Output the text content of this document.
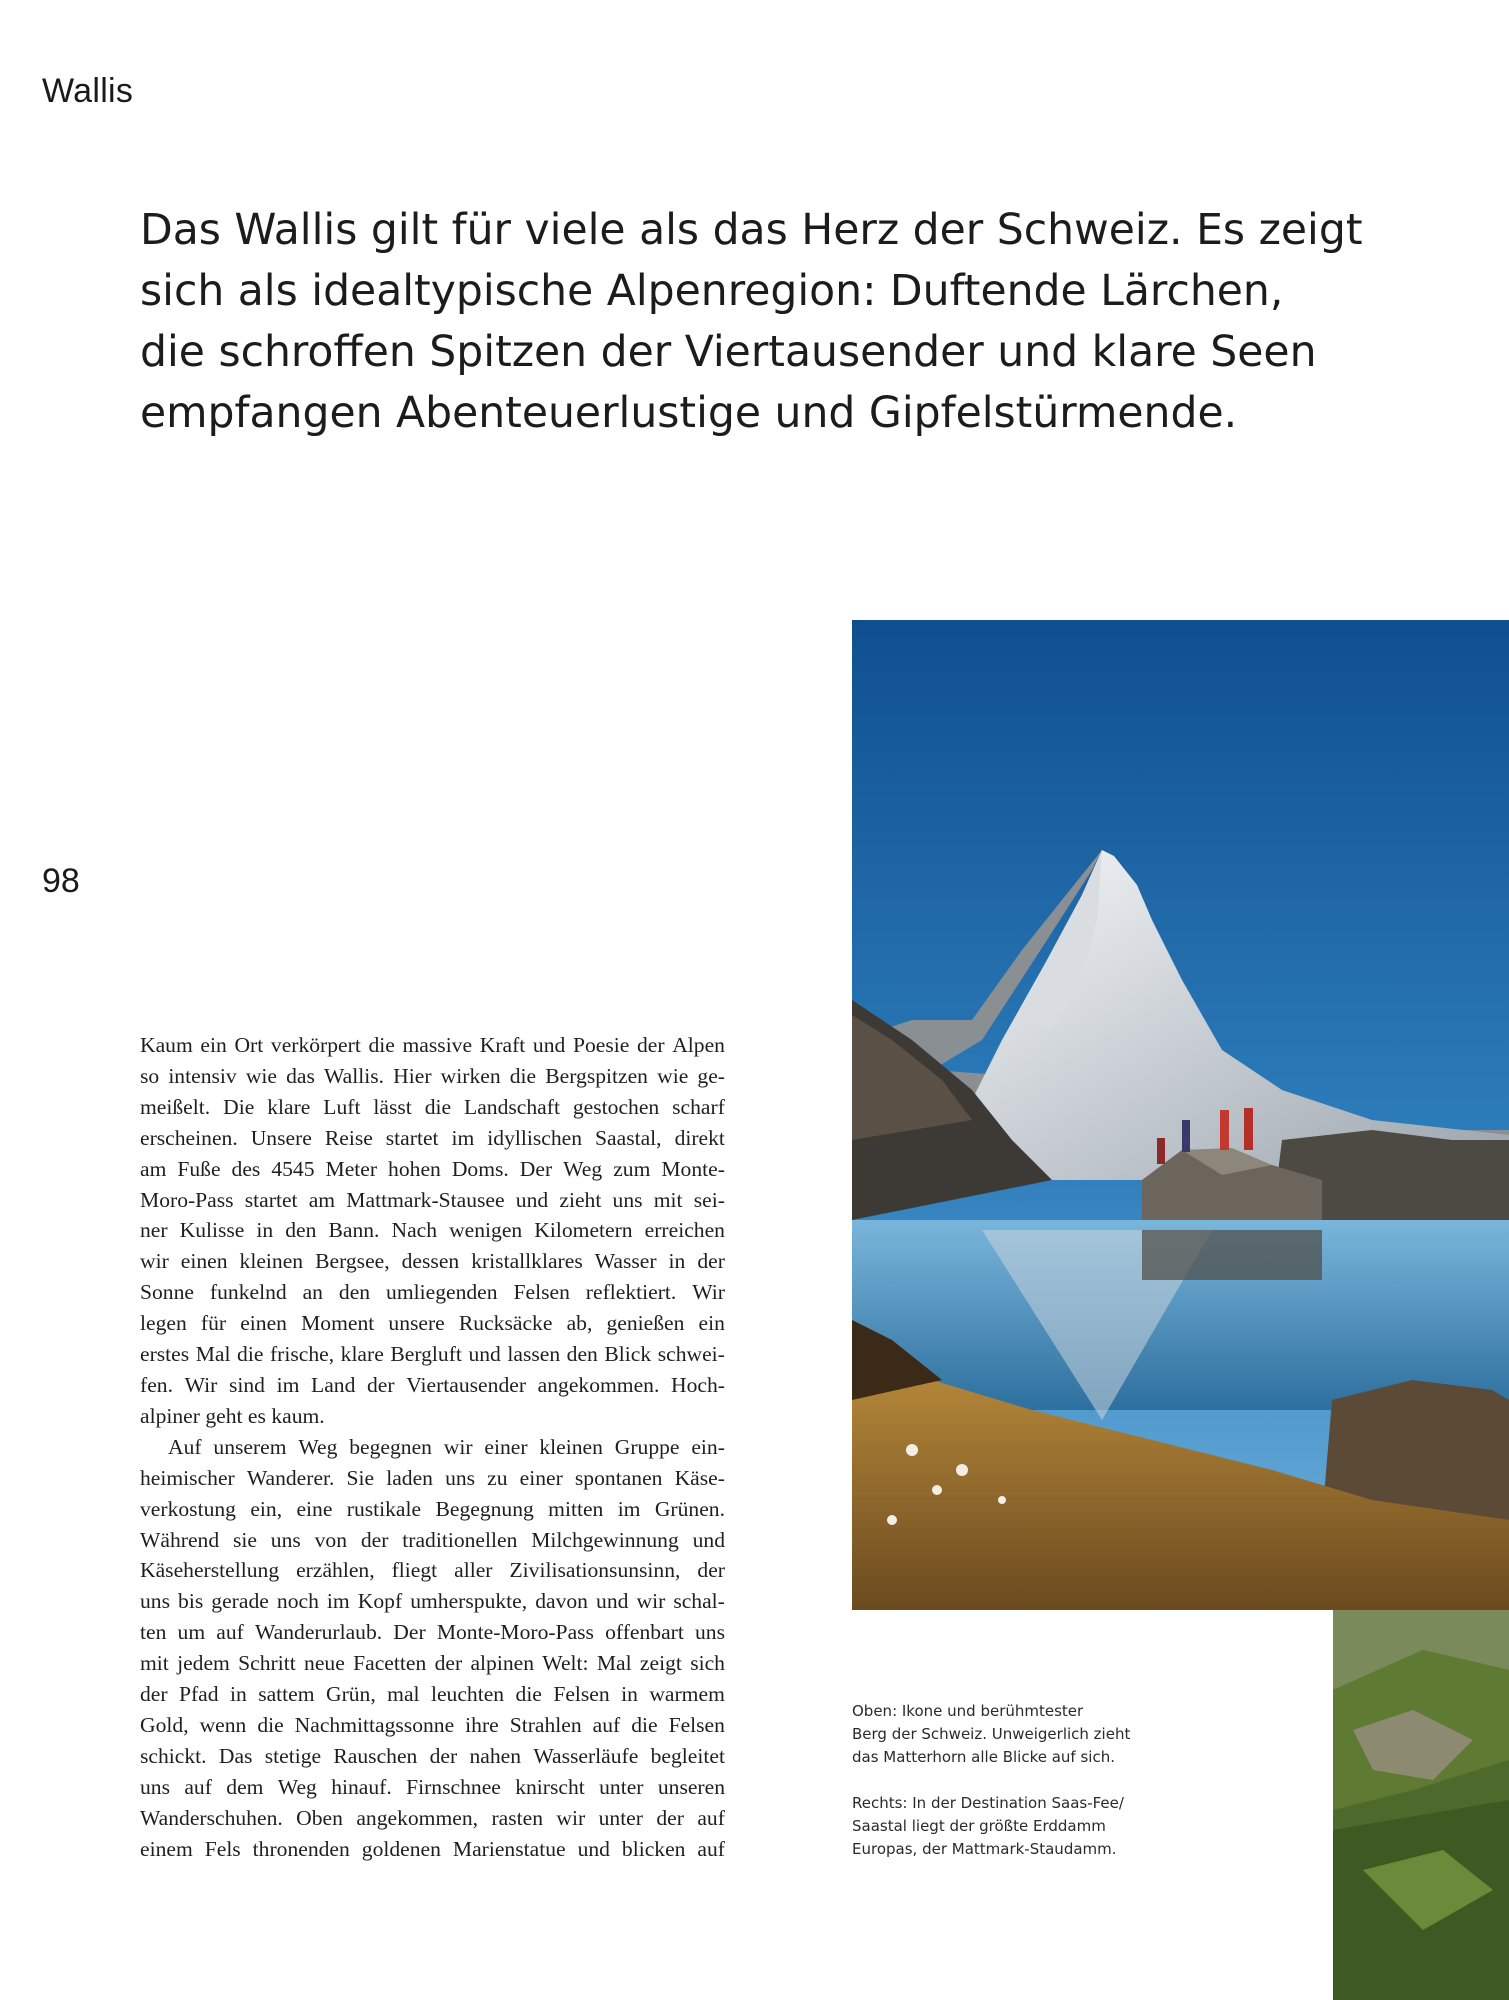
Wallis

Das Wallis gilt für viele als das Herz der Schweiz. Es zeigt
sich als idealtypische Alpenregion: Duftende Lärchen,
die schroffen Spitzen der Viertausender und klare Seen
empfangen Abenteuerlustige und Gipfelstürmende.

98
Kaum ein Ort verkörpert die massive Kraft und Poesie der Alpen
so intensiv wie das Wallis. Hier wirken die Bergspitzen wie ge-
meißelt. Die klare Luft lässt die Landschaft gestochen scharf
erscheinen. Unsere Reise startet im idyllischen Saastal, direkt
am Fuße des 4545 Meter hohen Doms. Der Weg zum Monte-
Moro-Pass startet am Mattmark-Stausee und zieht uns mit sei-
ner Kulisse in den Bann. Nach wenigen Kilometern erreichen
wir einen kleinen Bergsee, dessen kristallklares Wasser in der
Sonne funkelnd an den umliegenden Felsen reflektiert. Wir
legen für einen Moment unsere Rucksäcke ab, genießen ein
erstes Mal die frische, klare Bergluft und lassen den Blick schwei-
fen. Wir sind im Land der Viertausender angekommen. Hoch-
alpiner geht es kaum.
Auf unserem Weg begegnen wir einer kleinen Gruppe ein-
heimischer Wanderer. Sie laden uns zu einer spontanen Käse-
verkostung ein, eine rustikale Begegnung mitten im Grünen.
Während sie uns von der traditionellen Milchgewinnung und
Käseherstellung erzählen, fliegt aller Zivilisationsunsinn, der
uns bis gerade noch im Kopf umherspukte, davon und wir schal-
ten um auf Wanderurlaub. Der Monte-Moro-Pass offenbart uns
mit jedem Schritt neue Facetten der alpinen Welt: Mal zeigt sich
der Pfad in sattem Grün, mal leuchten die Felsen in warmem
Gold, wenn die Nachmittagssonne ihre Strahlen auf die Felsen
schickt. Das stetige Rauschen der nahen Wasserläufe begleitet
uns auf dem Weg hinauf. Firnschnee knirscht unter unseren
Wanderschuhen. Oben angekommen, rasten wir unter der auf
einem Fels thronenden goldenen Marienstatue und blicken auf

Oben: Ikone und berühmtester
Berg der Schweiz. Unweigerlich zieht
das Matterhorn alle Blicke auf sich.

Rechts: In der Destination Saas-Fee/
Saastal liegt der größte Erddamm
Europas, der Mattmark-Staudamm.
